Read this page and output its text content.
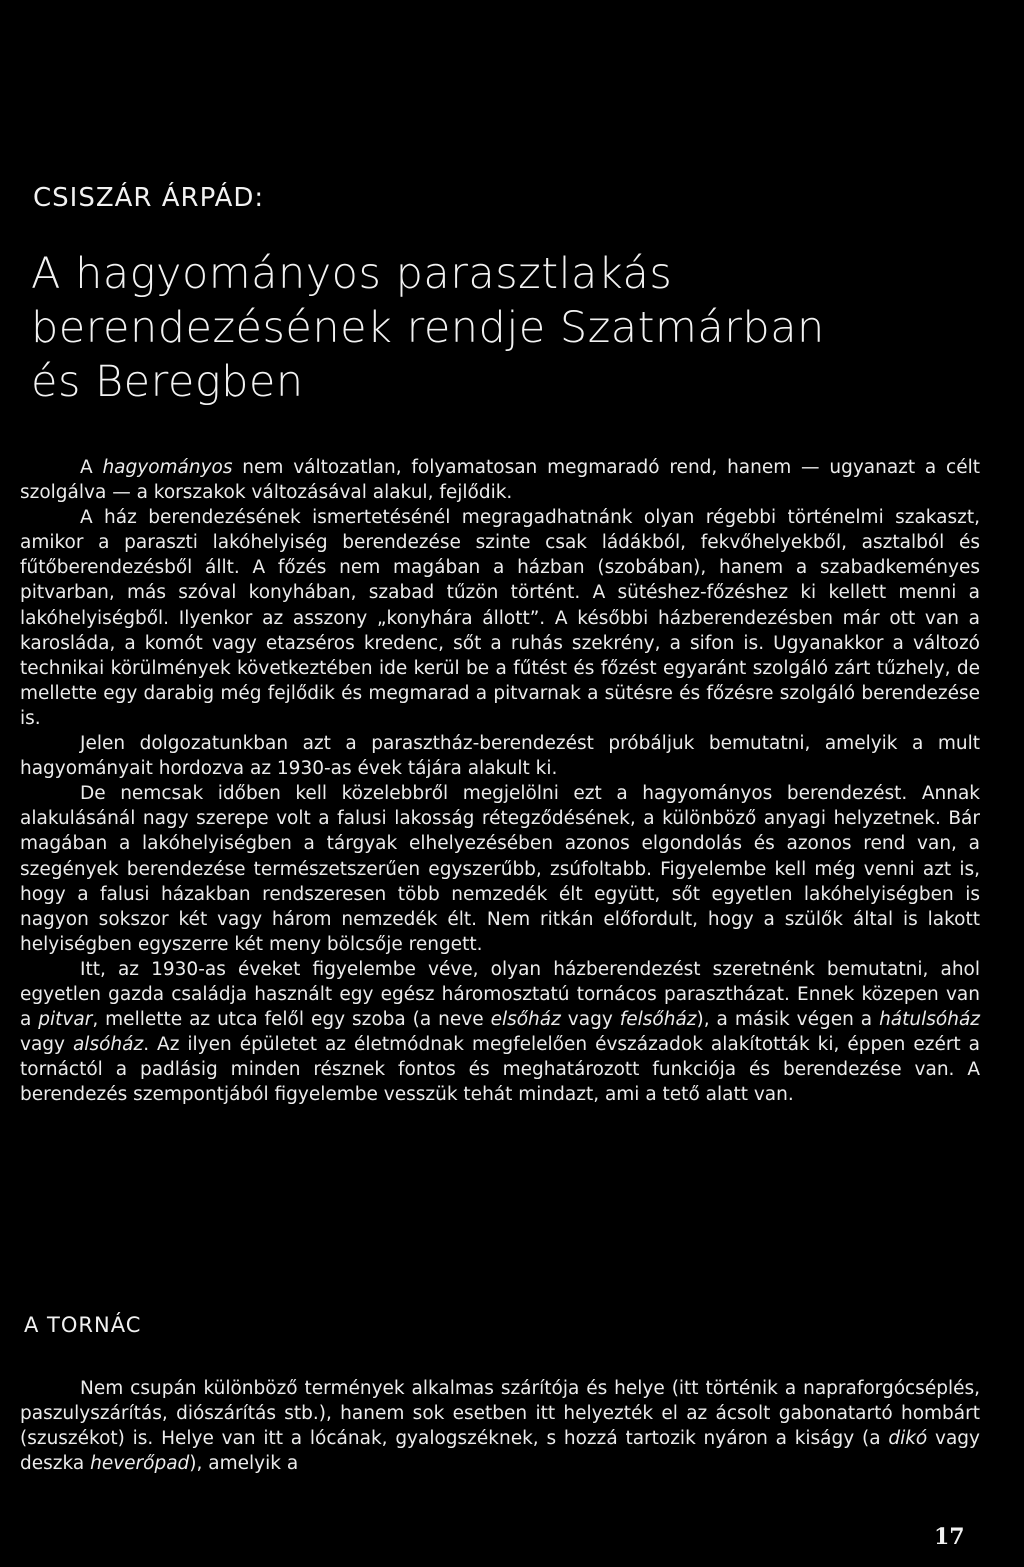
CSISZÁR ÁRPÁD:
A hagyományos parasztlakás
berendezésének rendje Szatmárban
és Beregben

A hagyományos nem változatlan, folyamatosan megmaradó rend, hanem — ugyanazt a célt szolgálva — a korszakok változásával alakul, fejlődik.

A ház berendezésének ismertetésénél megragadhatnánk olyan régebbi történelmi szakaszt, amikor a paraszti lakóhelyiség berendezése szinte csak ládákból, fekvőhelyekből, asztalból és fűtőberendezésből állt. A főzés nem magában a házban (szobában), hanem a szabadkeményes pitvarban, más szóval konyhában, szabad tűzön történt. A sütéshez-főzéshez ki kellett menni a lakóhelyiségből. Ilyenkor az asszony „konyhára állott”. A későbbi házberendezésben már ott van a karosláda, a komót vagy etazséros kredenc, sőt a ruhás szekrény, a sifon is. Ugyanakkor a változó technikai körülmények következtében ide kerül be a fűtést és főzést egyaránt szolgáló zárt tűzhely, de mellette egy darabig még fejlődik és megmarad a pitvarnak a sütésre és főzésre szolgáló berendezése is.

Jelen dolgozatunkban azt a parasztház-berendezést próbáljuk bemutatni, amelyik a mult hagyományait hordozva az 1930-as évek tájára alakult ki.

De nemcsak időben kell közelebbről megjelölni ezt a hagyományos berendezést. Annak alakulásánál nagy szerepe volt a falusi lakosság rétegződésének, a különböző anyagi helyzetnek. Bár magában a lakóhelyiségben a tárgyak elhelyezésében azonos elgondolás és azonos rend van, a szegények berendezése természetszerűen egyszerűbb, zsúfoltabb. Figyelembe kell még venni azt is, hogy a falusi házakban rendszeresen több nemzedék élt együtt, sőt egyetlen lakóhelyiségben is nagyon sokszor két vagy három nemzedék élt. Nem ritkán előfordult, hogy a szülők által is lakott helyiségben egyszerre két meny bölcsője rengett.

Itt, az 1930-as éveket figyelembe véve, olyan házberendezést szeretnénk bemutatni, ahol egyetlen gazda családja használt egy egész háromosztatú tornácos parasztházat. Ennek közepen van a pitvar, mellette az utca felől egy szoba (a neve elsőház vagy felsőház), a másik végen a hátulsóház vagy alsóház. Az ilyen épületet az életmódnak megfelelően évszázadok alakították ki, éppen ezért a tornáctól a padlásig minden résznek fontos és meghatározott funkciója és berendezése van. A berendezés szempontjából figyelembe vesszük tehát mindazt, ami a tető alatt van.

A TORNÁC

Nem csupán különböző termények alkalmas szárítója és helye (itt történik a napraforgócséplés, paszulyszárítás, diószárítás stb.), hanem sok esetben itt helyezték el az ácsolt gabonatartó hombárt (szuszékot) is. Helye van itt a lócának, gyalogszéknek, s hozzá tartozik nyáron a kiságy (a dikó vagy deszka heverőpad), amelyik a

17
